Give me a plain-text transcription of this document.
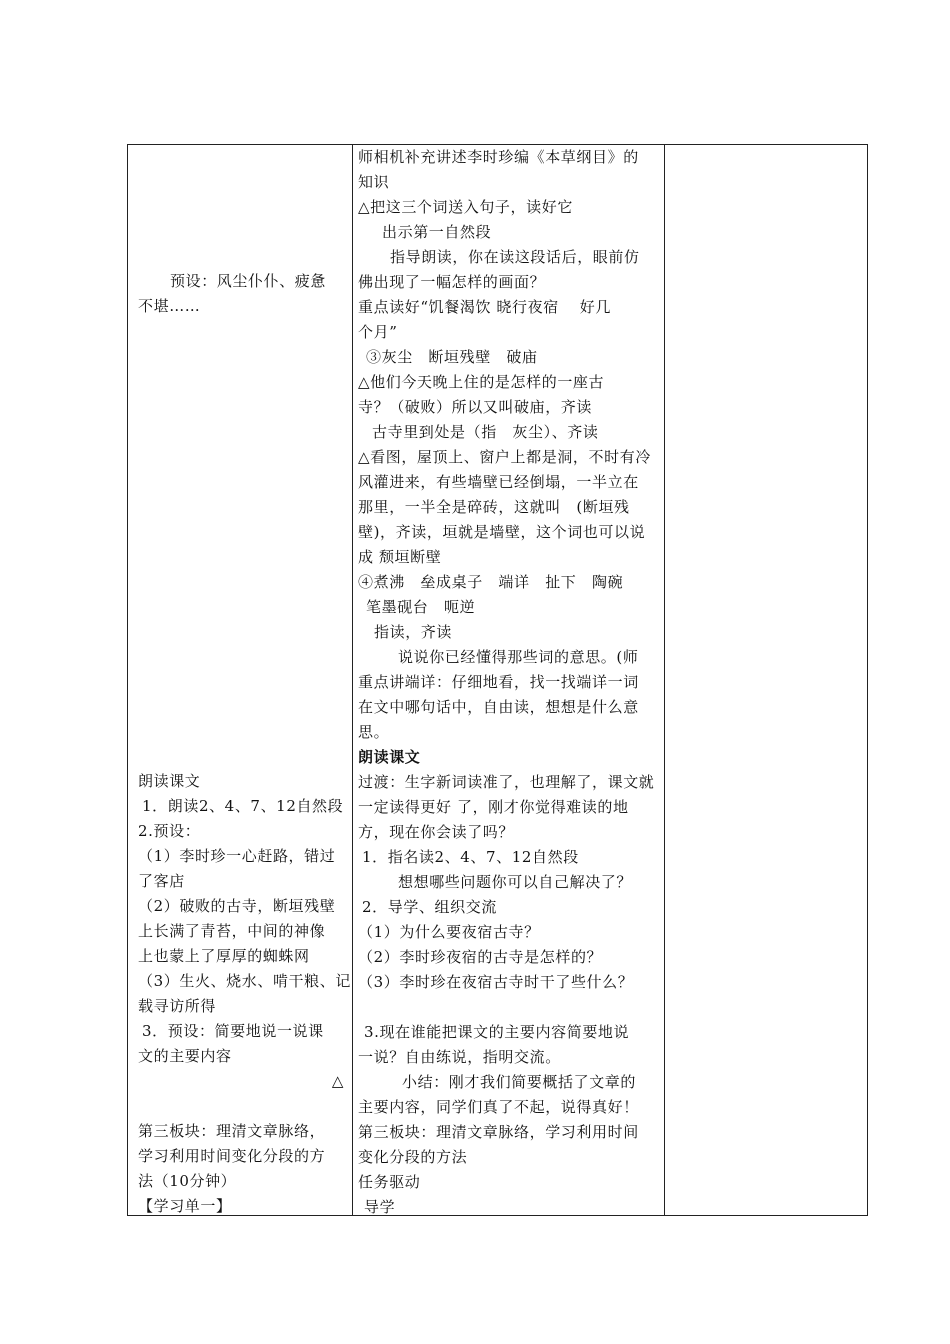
预设：风尘仆仆、疲惫
不堪……
朗读课文
1．朗读2、4、7、12自然段
2.预设：
（1）李时珍一心赶路，错过
了客店
（2）破败的古寺，断垣残壁
上长满了青苔，中间的神像
上也蒙上了厚厚的蜘蛛网
（3）生火、烧水、啃干粮、记
载寻访所得
3．预设：简要地说一说课
文的主要内容
△
第三板块：理清文章脉络，
学习利用时间变化分段的方
法（10分钟）
【学习单一】
师相机补充讲述李时珍编《本草纲目》的
知识
△把这三个词送入句子，读好它
出示第一自然段
指导朗读，你在读这段话后，眼前仿
佛出现了一幅怎样的画面？
重点读好“饥餐渴饮 晓行夜宿　 好几
个月”
③灰尘　断垣残壁　破庙
△他们今天晚上住的是怎样的一座古
寺？（破败）所以又叫破庙，齐读
古寺里到处是（指　灰尘）、齐读
△看图，屋顶上、窗户上都是洞，不时有冷
风灌进来，有些墙壁已经倒塌，一半立在
那里，一半全是碎砖，这就叫　(断垣残
壁)，齐读，垣就是墙壁，这个词也可以说
成 颓垣断壁
④煮沸　垒成桌子　端详　扯下　陶碗
笔墨砚台　呃逆
指读，齐读
说说你已经懂得那些词的意思。(师
重点讲端详：仔细地看，找一找端详一词
在文中哪句话中，自由读，想想是什么意
思。
朗读课文
过渡：生字新词读准了，也理解了，课文就
一定读得更好 了，刚才你觉得难读的地
方，现在你会读了吗？
1．指名读2、4、7、12自然段
想想哪些问题你可以自己解决了？
2．导学、组织交流
（1）为什么要夜宿古寺？
（2）李时珍夜宿的古寺是怎样的？
（3）李时珍在夜宿古寺时干了些什么？
3.现在谁能把课文的主要内容简要地说
一说？自由练说，指明交流。
小结：刚才我们简要概括了文章的
主要内容，同学们真了不起，说得真好！
第三板块：理清文章脉络，学习利用时间
变化分段的方法
任务驱动
导学
